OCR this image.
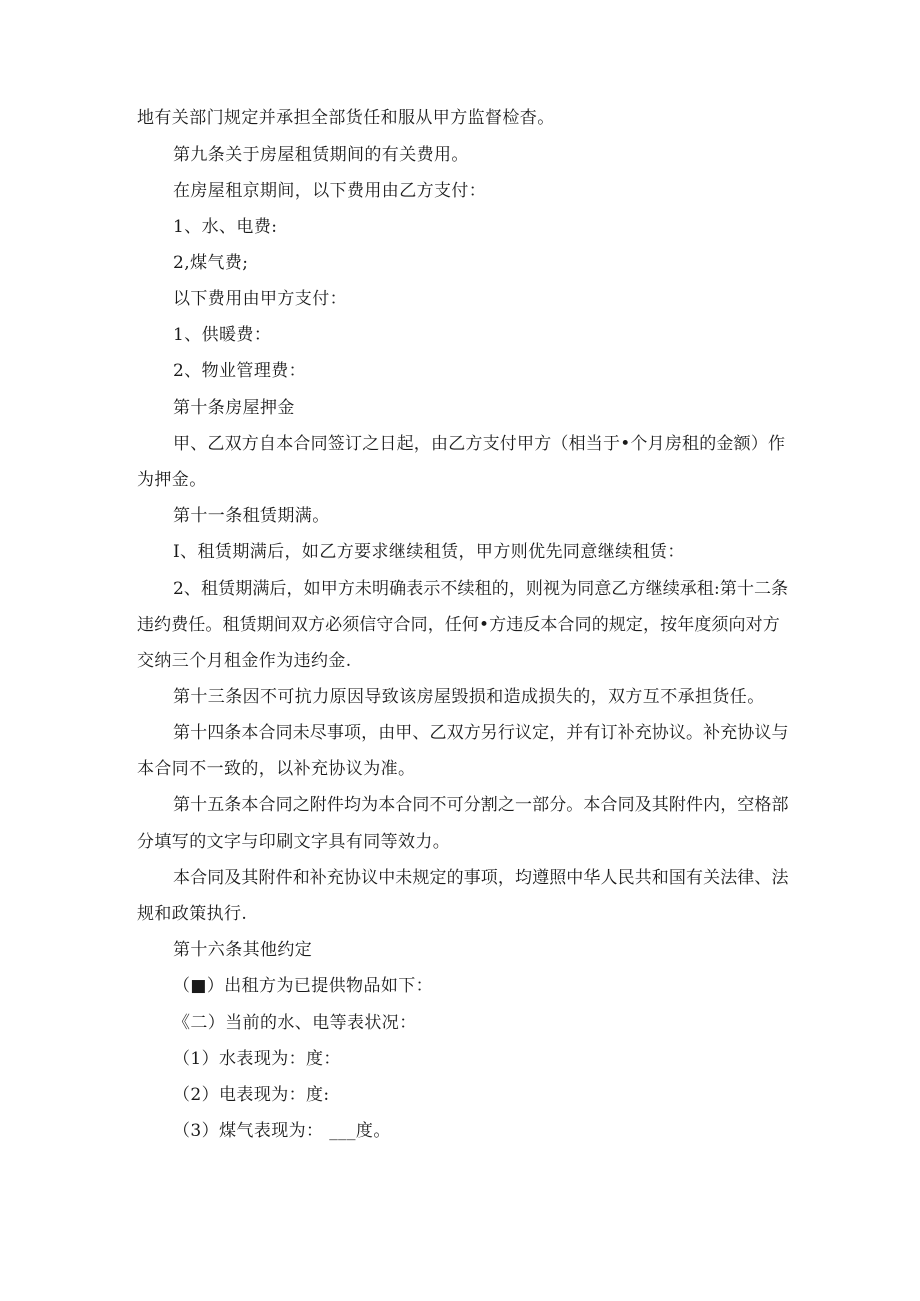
地有关部门规定并承担全部货任和服从甲方监督检杳。

第九条关于房屋租赁期间的有关费用。

在房屋租京期间，以下费用由乙方支付：

1、水、电费:

2,煤气费;

以下费用由甲方支付：

1、供暖费：

2、物业管理费：

第十条房屋押金

甲、乙双方自本合同签订之日起，由乙方支付甲方（相当于•个月房租的金额）作

为押金。

第十一条租赁期满。

I、租赁期满后，如乙方要求继续租赁，甲方则优先同意继续租赁：

2、租赁期满后，如甲方未明确表示不续租的，则视为同意乙方继续承租:第十二条

违约费任。租赁期间双方必须信守合同，任何•方违反本合同的规定，按年度须向对方

交纳三个月租金作为违约金.

第十三条因不可抗力原因导致该房屋毁损和造成损失的，双方互不承担货任。

第十四条本合同未尽事项，由甲、乙双方另行议定，并有订补充协议。补充协议与

本合同不一致的，以补充协议为准。

第十五条本合同之附件均为本合同不可分割之一部分。本合同及其附件内，空格部

分填写的文字与印刷文字具有同等效力。

本合同及其附件和补充协议中未规定的事项，均遵照中华人民共和国有关法律、法

规和政策执行.

第十六条其他约定

（■）出租方为已提供物品如下：

《二）当前的水、电等表状况：

（1）水表现为：度：

（2）电表现为：度:

（3）煤气表现为： ___度。
